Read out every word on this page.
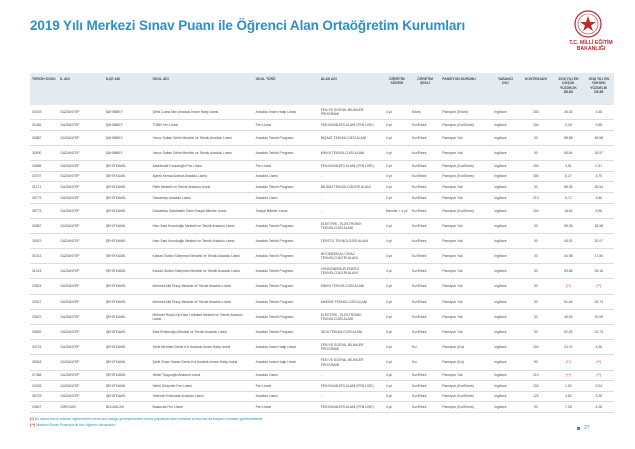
2019 Yılı Merkezi Sınav Puanı ile Öğrenci Alan Ortaöğretim Kurumları
T.C. MİLLİ EĞİTİM
BAKANLIĞI
TERCİH KODU	İL ADI	İLÇE ADI	OKUL ADI	OKUL TÜRÜ	ALAN ADI	ÖĞRETİM SÜRESİ	ÖĞRETİM ŞEKLİ	PANSİYON DURUMU	YABANCI DİLİ	KONTENJANI	2018 YILI EN DÜŞÜK YÜZDELİK DİLİM	2018 YILI EN YÜKSEK YÜZDELİK DİLİM
34419	GAZİANTEP	ŞAHİNBEY	Şehit Cuma İlkin Anadolu İmam Hatip Lisesi	Anadolu İmam Hatip Lisesi	FEN VE SOSYAL BİLİMLER PROGRAMI	4 yıl	Erkek	Pansiyon (Erkek)	İngilizce	150	26,33	3,48
31485	GAZİANTEP	ŞAHİNBEY	TOBB Fen Lisesi	Fen Lisesi	FEN BİLİMLERİ ALANI (FEN LİSE)	4 yıl	Kız/Erkek	Pansiyon (Kız/Erkek)	İngilizce	150	0,28	0,58
30887	GAZİANTEP	ŞAHİNBEY	Yavuz Sultan Selim Mesleki ve Teknik Anadolu Lisesi	Anadolu Teknik Programı	İNŞAAT TEKNOLOJİSİ ALANI	4 yıl	Kız/Erkek	Pansiyon Yok	İngilizce	30	58,88	35,58
30900	GAZİANTEP	ŞAHİNBEY	Yavuz Sultan Selim Mesleki ve Teknik Anadolu Lisesi	Anadolu Teknik Programı	KİMYA TEKNOLOJİSİ ALANI	4 yıl	Kız/Erkek	Pansiyon Yok	İngilizce	30	65,64	26,57
34685	GAZİANTEP	ŞEHİTKAMİL	Abdulkadir Konukoğlu Fen Lisesi	Fen Lisesi	FEN BİLİMLERİ ALANI (FEN LİSE)	4 yıl	Kız/Erkek	Pansiyon (Kız/Erkek)	İngilizce	150	3,51	0,31
33707	GAZİANTEP	ŞEHİTKAMİL	Aybek Kemal Aramal Anadolu Lisesi	Anadolu Lisesi	-	4 yıl	Kız/Erkek	Pansiyon (Kız/Erkek)	İngilizce	180	8,27	4,70
31171	GAZİANTEP	ŞEHİTKAMİL	Fatih Mesleki ve Teknik Anadolu Lisesi	Anadolu Teknik Programı	BİLİŞİM TEKNOLOJİLERİ ALANI	4 yıl	Kız/Erkek	Pansiyon Yok	İngilizce	30	58,35	28,54
35772	GAZİANTEP	ŞEHİTKAMİL	Gaziantep Anadolu Lisesi	Anadolu Lisesi	-	4 yıl	Kız/Erkek	Pansiyon Yok	İngilizce	210	6,72	3,56
35773	GAZİANTEP	ŞEHİTKAMİL	Gaziantep Sabahattin Zaim Sosyal Bilimler Lisesi	Sosyal Bilimler Lisesi	-	Hazırlık + 4 yıl	Kız/Erkek	Pansiyon (Kız/Erkek)	İngilizce	150	18,64	5,98
30857	GAZİANTEP	ŞEHİTKAMİL	Hacı Sani Konukoğlu Mesleki ve Teknik Anadolu Lisesi	Anadolu Teknik Programı	ELEKTRİK - ELEKTRONİK TEKNOLOJİSİ ALANI	4 yıl	Kız/Erkek	Pansiyon Yok	İngilizce	30	55,36	18,58
30913	GAZİANTEP	ŞEHİTKAMİL	Hacı Sani Konukoğlu Mesleki ve Teknik Anadolu Lisesi	Anadolu Teknik Programı	TEKSTİL TEKNOLOJİSİ ALANI	4 yıl	Kız/Erkek	Pansiyon Yok	İngilizce	30	48,92	20,07
31012	GAZİANTEP	ŞEHİTKAMİL	Kanuni Sultan Süleyman Mesleki ve Teknik Anadolu Lisesi	Anadolu Teknik Programı	BİYOMEDİKAL CİHAZ TEKNOLOJİLERİ ALANI	4 yıl	Kız/Erkek	Pansiyon Yok	İngilizce	30	44,98	17,84
31013	GAZİANTEP	ŞEHİTKAMİL	Kanuni Sultan Süleyman Mesleki ve Teknik Anadolu Lisesi	Anadolu Teknik Programı	YENİLENEBİLİR ENERJİ TEKNOLOJİLERİ ALANI	4 yıl	Kız/Erkek	Pansiyon Yok	İngilizce	30	53,86	26,16
20515	GAZİANTEP	ŞEHİTKAMİL	Mehmet Akif Ersoy Mesleki ve Teknik Anadolu Lisesi	Anadolu Teknik Programı	KİMYA TEKNOLOJİSİ ALANI	4 yıl	Kız/Erkek	Pansiyon Yok	İngilizce	30	(**)	(**)
20917	GAZİANTEP	ŞEHİTKAMİL	Mehmet Akif Ersoy Mesleki ve Teknik Anadolu Lisesi	Anadolu Teknik Programı	MAKİNE TEKNOLOJİSİ ALANI	4 yıl	Kız/Erkek	Pansiyon Yok	İngilizce	30	61,64	25,74
20927	GAZİANTEP	ŞEHİTKAMİL	Mehmet Rüştü Kip Hacı Lütfullah Mesleki ve Teknik Anadolu Lisesi	Anadolu Teknik Programı	ELEKTRİK - ELEKTRONİK TEKNOLOJİSİ ALANI	4 yıl	Kız/Erkek	Pansiyon Yok	İngilizce	30	46,53	20,08
30832	GAZİANTEP	ŞEHİTKAMİL	Sani Erdemoğlu Mesleki ve Teknik Anadolu Lisesi	Anadolu Teknik Programı	GIDA TEKNOLOJİSİ ALANI	4 yıl	Kız/Erkek	Pansiyon Yok	İngilizce	30	52,83	22,74
34724	GAZİANTEP	ŞEHİTKAMİL	Şehit Mehmet Demir Kız Anadolu İmam Hatip Lisesi	Anadolu İmam Hatip Lisesi	FEN VE SOSYAL BİLİMLER PROGRAMI	4 yıl	Kız	Pansiyon (Kız)	İngilizce	150	24,74	4,08
35943	GAZİANTEP	ŞEHİTKAMİL	Şehit Ömer Hasan Demir Kız Anadolu İmam Hatip Lisesi	Anadolu İmam Hatip Lisesi	FEN VE SOSYAL BİLİMLER PROGRAMI	4 yıl	Kız	Pansiyon (Kız)	İngilizce	90	(**)	(**)
37358	GAZİANTEP	ŞEHİTKAMİL	Vedat Topçuoğlu Anadolu Lisesi	Anadolu Lisesi	-	4 yıl	Kız/Erkek	Pansiyon Yok	İngilizce	210	(**)	(**)
34333	GAZİANTEP	ŞEHİTKAMİL	Vehbi Dinçerler Fen Lisesi	Fen Lisesi	FEN BİLİMLERİ ALANI (FEN LİSE)	4 yıl	Kız/Erkek	Pansiyon (Kız/Erkek)	İngilizce	150	1,53	0,04
35703	GAZİANTEP	ŞEHİTKAMİL	Yasemin Emirzade Anadolu Lisesi	Anadolu Lisesi	-	4 yıl	Kız/Erkek	Pansiyon (Kız/Erkek)	İngilizce	120	4,82	3,28
24807	GİRESUN	BULANCAK	Bulancak Fen Lisesi	Fen Lisesi	FEN BİLİMLERİ ALANI (FEN LİSE)	4 yıl	Kız/Erkek	Pansiyon (Kız/Erkek)	İngilizce	90	7,28	4,28
(*) Bu alana tercih edecek öğrencilerin mensubu olduğu yerleştirmeden sonra yapılacak olan mülakat sınavında da başarılı olmaları gerekmektedir.
(**) Merkezi Sınav Puanıyla ilk kez öğrenci alınacaktır.	27
